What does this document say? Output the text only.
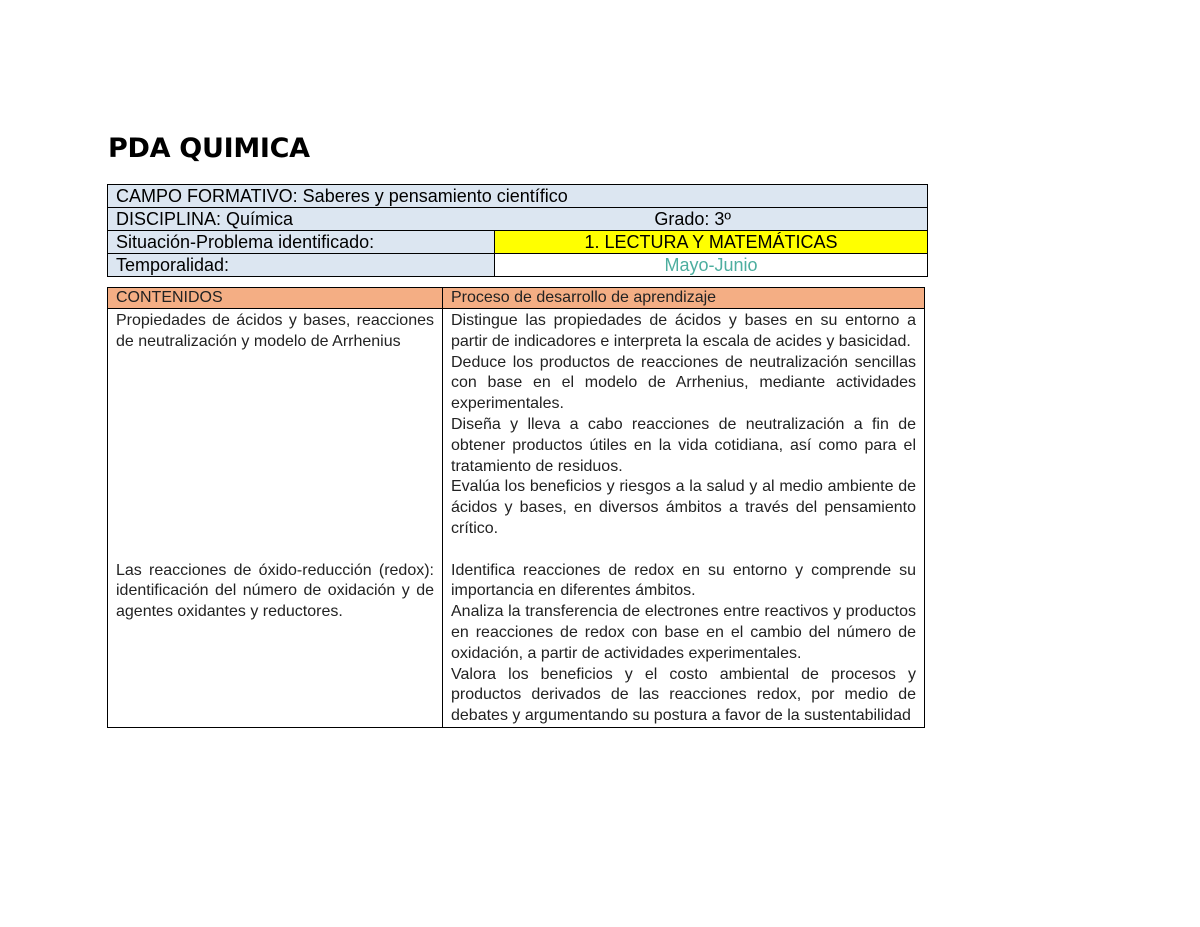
PDA QUIMICA
CAMPO FORMATIVO: Saberes y pensamiento científico	

DISCIPLINA: Química Grado: 3º	

Situación-Problema identificado:	1. LECTURA Y MATEMÁTICAS
Temporalidad:	Mayo-Junio
CONTENIDOS	Proceso de desarrollo de aprendizaje

Propiedades de ácidos y bases, reacciones de neutralización y modelo de Arrhenius	Distingue las propiedades de ácidos y bases en su entorno a partir de indicadores e interpreta la escala de acides y basicidad.

Deduce los productos de reacciones de neutralización sencillas con base en el modelo de Arrhenius, mediante actividades experimentales.

Diseña y lleva a cabo reacciones de neutralización a fin de obtener productos útiles en la vida cotidiana, así como para el tratamiento de residuos.

Evalúa los beneficios y riesgos a la salud y al medio ambiente de ácidos y bases, en diversos ámbitos a través del pensamiento crítico.

Las reacciones de óxido-reducción (redox): identificación del número de oxidación y de agentes oxidantes y reductores.	Identifica reacciones de redox en su entorno y comprende su importancia en diferentes ámbitos.

Analiza la transferencia de electrones entre reactivos y productos en reacciones de redox con base en el cambio del número de oxidación, a partir de actividades experimentales.

Valora los beneficios y el costo ambiental de procesos y productos derivados de las reacciones redox, por medio de debates y argumentando su postura a favor de la sustentabilidad
